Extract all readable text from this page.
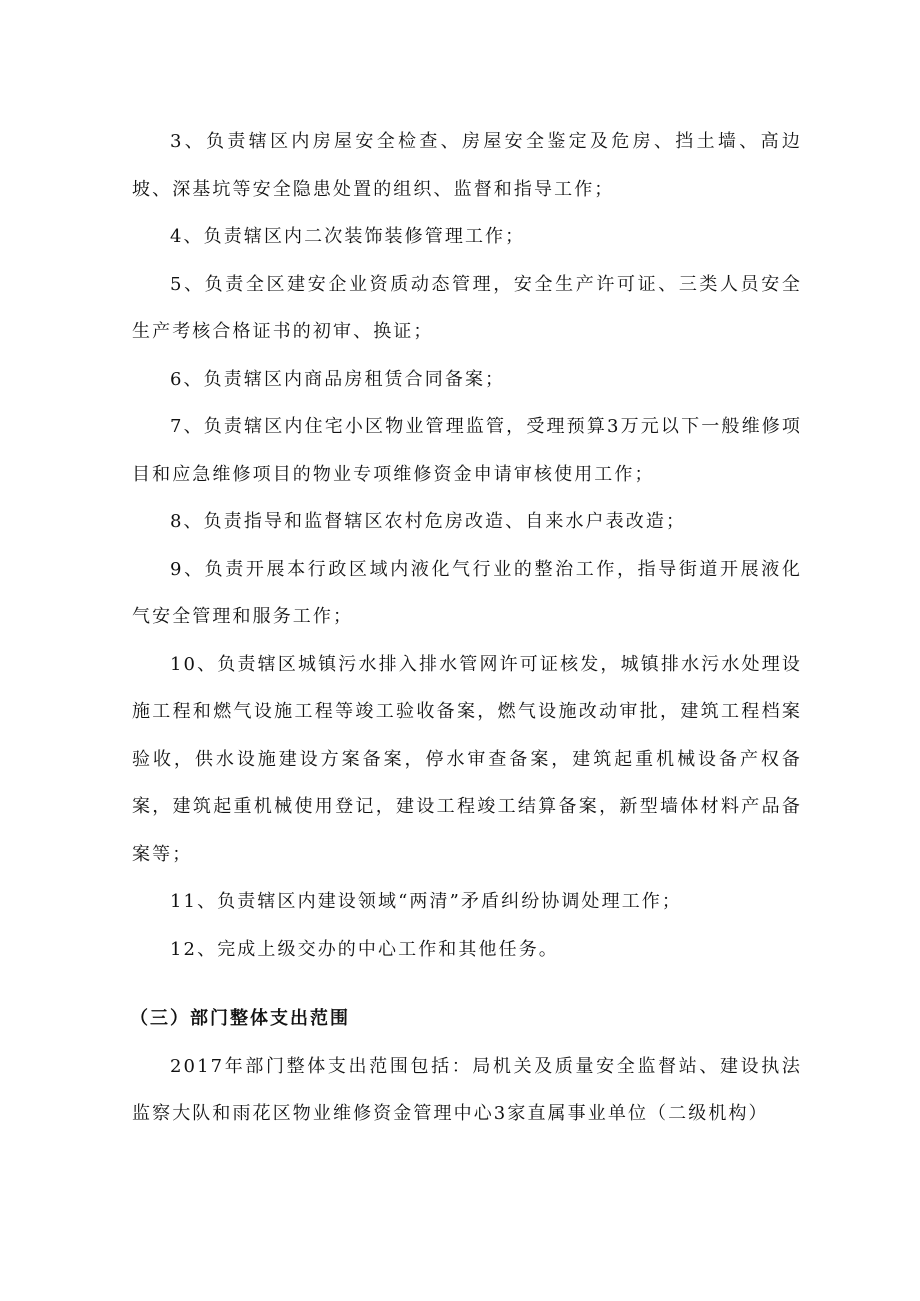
3、负责辖区内房屋安全检查、房屋安全鉴定及危房、挡土墙、高边坡、深基坑等安全隐患处置的组织、监督和指导工作；

4、负责辖区内二次装饰装修管理工作；

5、负责全区建安企业资质动态管理，安全生产许可证、三类人员安全生产考核合格证书的初审、换证；

6、负责辖区内商品房租赁合同备案；

7、负责辖区内住宅小区物业管理监管，受理预算3万元以下一般维修项目和应急维修项目的物业专项维修资金申请审核使用工作；

8、负责指导和监督辖区农村危房改造、自来水户表改造；

9、负责开展本行政区域内液化气行业的整治工作，指导街道开展液化气安全管理和服务工作；

10、负责辖区城镇污水排入排水管网许可证核发，城镇排水污水处理设施工程和燃气设施工程等竣工验收备案，燃气设施改动审批，建筑工程档案验收，供水设施建设方案备案，停水审查备案，建筑起重机械设备产权备案，建筑起重机械使用登记，建设工程竣工结算备案，新型墙体材料产品备案等；

11、负责辖区内建设领域“两清”矛盾纠纷协调处理工作；

12、完成上级交办的中心工作和其他任务。

（三）部门整体支出范围

2017年部门整体支出范围包括：局机关及质量安全监督站、建设执法监察大队和雨花区物业维修资金管理中心3家直属事业单位（二级机构）
